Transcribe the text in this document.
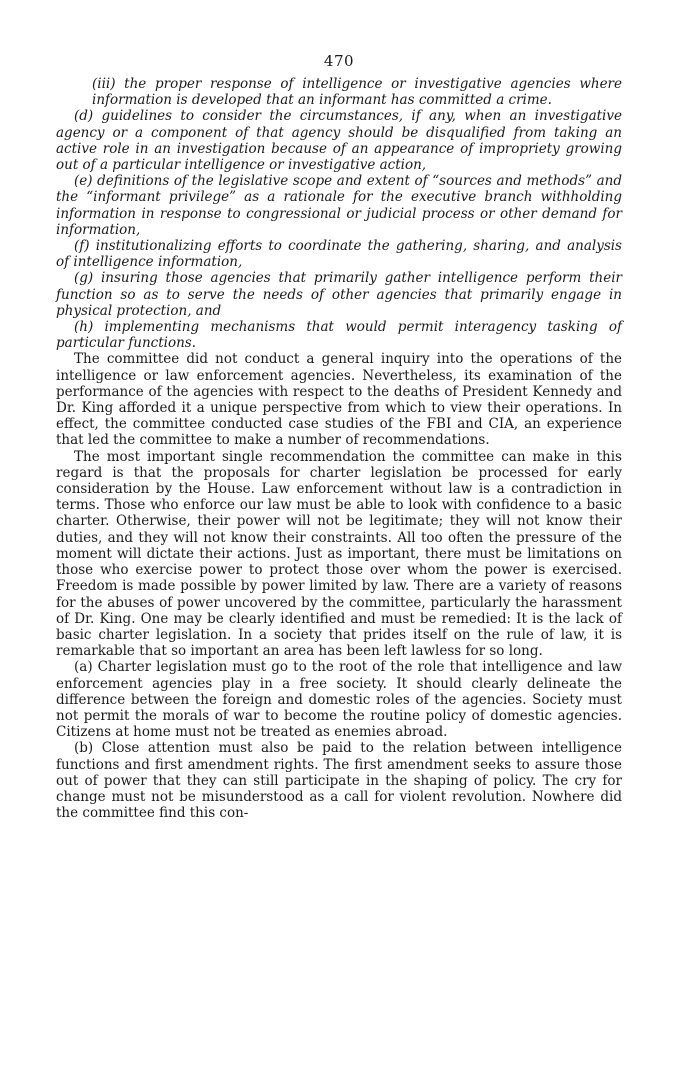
470

(iii) the proper response of intelligence or investigative agencies where information is developed that an informant has committed a crime.

(d) guidelines to consider the circumstances, if any, when an investigative agency or a component of that agency should be disqualified from taking an active role in an investigation because of an appearance of impropriety growing out of a particular intelligence or investigative action,

(e) definitions of the legislative scope and extent of “sources and methods” and the “informant privilege” as a rationale for the executive branch withholding information in response to congressional or judicial process or other demand for information,

(f) institutionalizing efforts to coordinate the gathering, sharing, and analysis of intelligence information,

(g) insuring those agencies that primarily gather intelligence perform their function so as to serve the needs of other agencies that primarily engage in physical protection, and

(h) implementing mechanisms that would permit interagency tasking of particular functions.

The committee did not conduct a general inquiry into the operations of the intelligence or law enforcement agencies. Nevertheless, its examination of the performance of the agencies with respect to the deaths of President Kennedy and Dr. King afforded it a unique perspective from which to view their operations. In effect, the committee conducted case studies of the FBI and CIA, an experience that led the committee to make a number of recommendations.

The most important single recommendation the committee can make in this regard is that the proposals for charter legislation be processed for early consideration by the House. Law enforcement without law is a contradiction in terms. Those who enforce our law must be able to look with confidence to a basic charter. Otherwise, their power will not be legitimate; they will not know their duties, and they will not know their constraints. All too often the pressure of the moment will dictate their actions. Just as important, there must be limitations on those who exercise power to protect those over whom the power is exercised. Freedom is made possible by power limited by law. There are a variety of reasons for the abuses of power uncovered by the committee, particularly the harassment of Dr. King. One may be clearly identified and must be remedied: It is the lack of basic charter legislation. In a society that prides itself on the rule of law, it is remarkable that so important an area has been left lawless for so long.

(a) Charter legislation must go to the root of the role that intelligence and law enforcement agencies play in a free society. It should clearly delineate the difference between the foreign and domestic roles of the agencies. Society must not permit the morals of war to become the routine policy of domestic agencies. Citizens at home must not be treated as enemies abroad.

(b) Close attention must also be paid to the relation between intelligence functions and first amendment rights. The first amendment seeks to assure those out of power that they can still participate in the shaping of policy. The cry for change must not be misunderstood as a call for violent revolution. Nowhere did the committee find this con-
